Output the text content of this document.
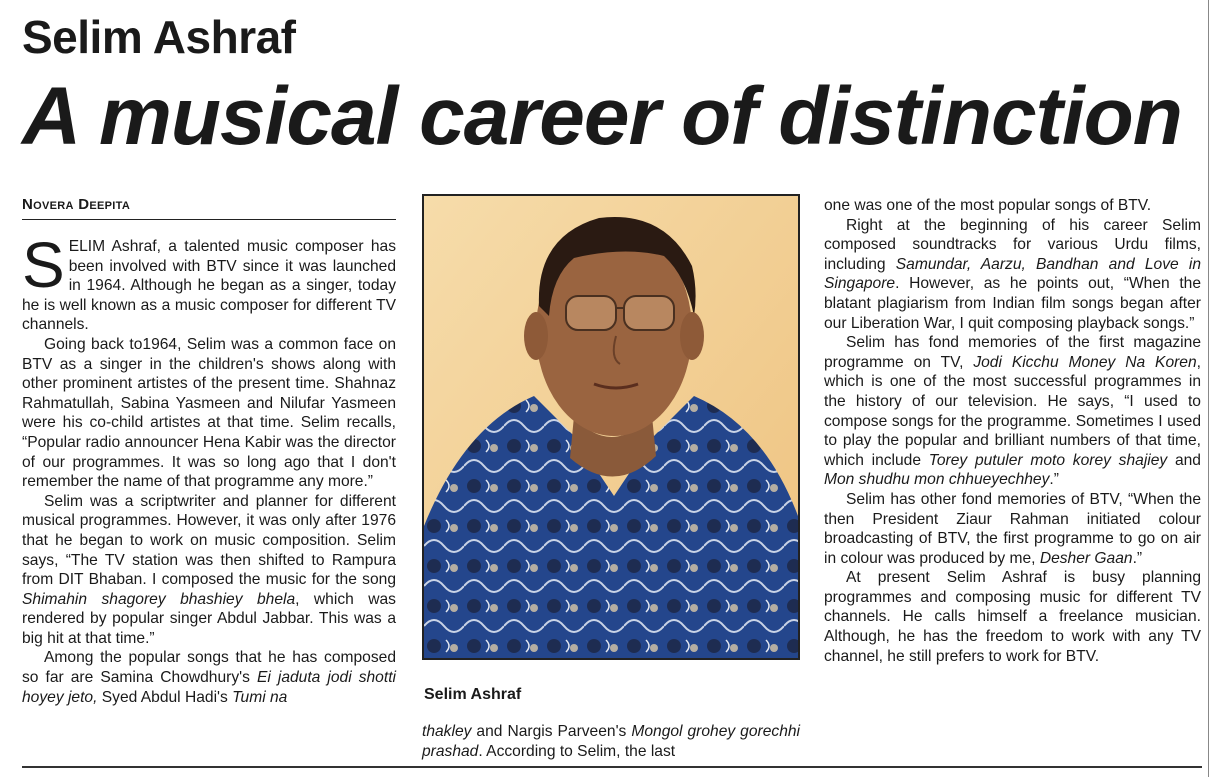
Selim Ashraf
A musical career of distinction
Novera Deepita

SELIM Ashraf, a talented music composer has been involved with BTV since it was launched in 1964. Although he began as a singer, today he is well known as a music composer for different TV channels.

Going back to1964, Selim was a common face on BTV as a singer in the children's shows along with other prominent artistes of the present time. Shahnaz Rahmatullah, Sabina Yasmeen and Nilufar Yasmeen were his co-child artistes at that time. Selim recalls, “Popular radio announcer Hena Kabir was the director of our programmes. It was so long ago that I don't remember the name of that programme any more.”

Selim was a scriptwriter and planner for different musical programmes. However, it was only after 1976 that he began to work on music composition. Selim says, “The TV station was then shifted to Rampura from DIT Bhaban. I composed the music for the song Shimahin shagorey bhashiey bhela, which was rendered by popular singer Abdul Jabbar. This was a big hit at that time.”

Among the popular songs that he has composed so far are Samina Chowdhury's Ei jaduta jodi shotti hoyey jeto, Syed Abdul Hadi's Tumi na	Selim Ashraf

thakley and Nargis Parveen's Mongol grohey gorechhi prashad. According to Selim, the last

one was one of the most popular songs of BTV.

Right at the beginning of his career Selim composed soundtracks for various Urdu films, including Samundar, Aarzu, Bandhan and Love in Singapore. However, as he points out, “When the blatant plagiarism from Indian film songs began after our Liberation War, I quit composing playback songs.”

Selim has fond memories of the first magazine programme on TV, Jodi Kicchu Money Na Koren, which is one of the most successful programmes in the history of our television. He says, “I used to compose songs for the programme. Sometimes I used to play the popular and brilliant numbers of that time, which include Torey putuler moto korey shajiey and Mon shudhu mon chhueyechhey.”

Selim has other fond memories of BTV, “When the then President Ziaur Rahman initiated colour broadcasting of BTV, the first programme to go on air in colour was produced by me, Desher Gaan.”

At present Selim Ashraf is busy planning programmes and composing music for different TV channels. He calls himself a freelance musician. Although, he has the freedom to work with any TV channel, he still prefers to work for BTV.
